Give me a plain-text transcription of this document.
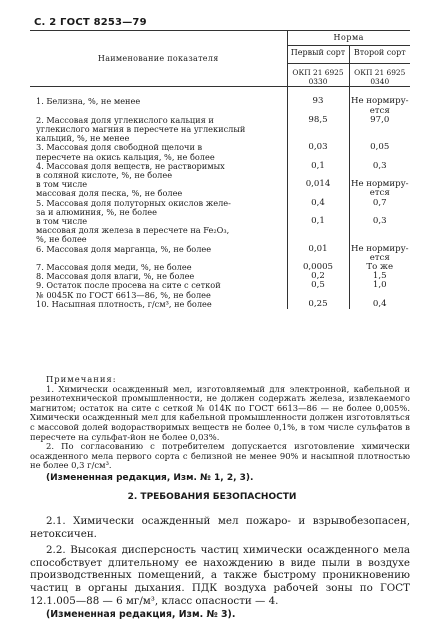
С. 2 ГОСТ 8253—79
Наименование показателя	Норма	
	Первый сорт	Второй сорт
	ОКП 21 6925 0330	ОКП 21 6925 0340
1. Белизна, %, не менее	93	Не нормиру-
ется
2. Массовая доля углекислого кальция и
углекислого магния в пересчете на углекислый
кальций, %, не менее	98,5	97,0
3. Массовая доля свободной щелочи в
пересчете на окись кальция, %, не более	0,03	0,05
4. Массовая доля веществ, не растворимых
в соляной кислоте, %, не более	0,1	0,3
в том числе
массовая доля песка, %, не более	0,014	Не нормиру-
ется
5. Массовая доля полуторных окислов желе-
за и алюминия, %, не более	0,4	0,7
в том числе
массовая доля железа в пересчете на Fe₂O₃,
%, не более	0,1	0,3
6. Массовая доля марганца, %, не более	0,01	Не нормиру-
ется
7. Массовая доля меди, %, не более	0,0005	То же
8. Массовая доля влаги, %, не более	0,2	1,5
9. Остаток после просева на сите с сеткой
№ 0045К по ГОСТ 6613—86, %, не более	0,5	1,0
10. Насыпная плотность, г/см³, не более	0,25	0,4

Примечания:

1. Химически осажденный мел, изготовляемый для электронной, кабельной и резинотехнической промышленности, не должен содержать железа, извлекаемого магнитом; остаток на сите с сеткой № 014К по ГОСТ 6613—86 — не более 0,005%. Химически осажденный мел для кабельной промышленности должен изготовляться с массовой долей водорастворимых веществ не более 0,1%, в том числе сульфатов в пересчете на сульфат-йон не более 0,03%.

2. По согласованию с потребителем допускается изготовление химически осажденного мела первого сорта с белизной не менее 90% и насыпной плотностью не более 0,3 г/см³.

(Измененная редакция, Изм. № 1, 2, 3).

2. ТРЕБОВАНИЯ БЕЗОПАСНОСТИ

2.1. Химически осажденный мел пожаро- и взрывобезопасен, нетоксичен.

2.2. Высокая дисперсность частиц химически осажденного мела способствует длительному ее нахождению в виде пыли в воздухе производственных помещений, а также быстрому проникновению частиц в органы дыхания. ПДК воздуха рабочей зоны по ГОСТ 12.1.005—88 — 6 мг/м³, класс опасности — 4.

(Измененная редакция, Изм. № 3).
